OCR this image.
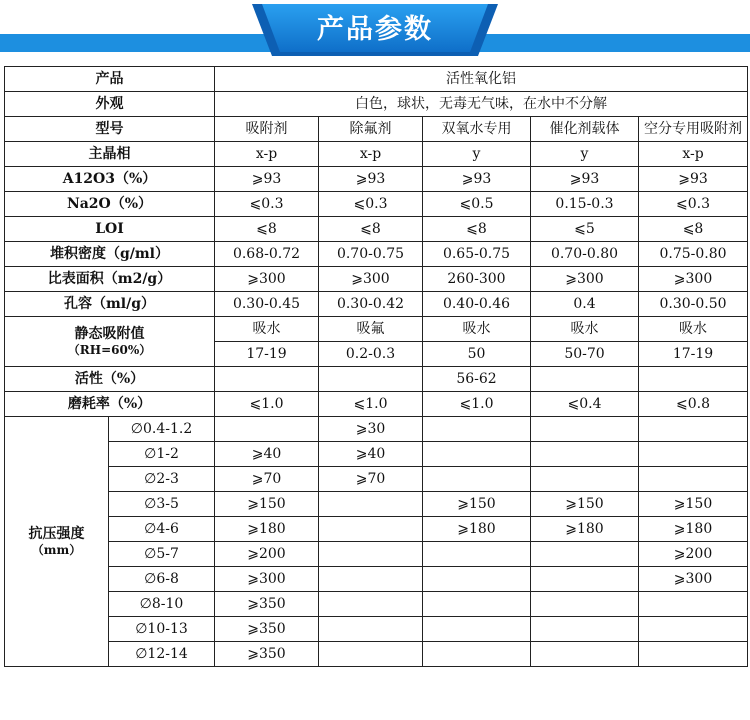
产品参数
产品		活性氧化铝				
外观		白色，球状，无毒无气味，在水中不分解				
型号		吸附剂	除氟剂	双氧水专用	催化剂载体	空分专用吸附剂
主晶相		x-p	x-p	y	y	x-p
A12O3（%）		⩾93	⩾93	⩾93	⩾93	⩾93
Na2O（%）		⩽0.3	⩽0.3	⩽0.5	0.15-0.3	⩽0.3
LOI		⩽8	⩽8	⩽8	⩽5	⩽8
堆积密度（g/ml）		0.68-0.72	0.70-0.75	0.65-0.75	0.70-0.80	0.75-0.80
比表面积（m2/g）		⩾300	⩾300	260-300	⩾300	⩾300
孔容（ml/g）		0.30-0.45	0.30-0.42	0.40-0.46	0.4	0.30-0.50

静态吸附值
（RH=60%）		吸水	吸氟	吸水	吸水	吸水
		17-19	0.2-0.3	50	50-70	17-19
活性（%）				56-62		
磨耗率（%）		⩽1.0	⩽1.0	⩽1.0	⩽0.4	⩽0.8

抗压强度
（mm）	∅0.4-1.2		⩾30			
	∅1-2	⩾40	⩾40			
	∅2-3	⩾70	⩾70			
	∅3-5	⩾150		⩾150	⩾150	⩾150
	∅4-6	⩾180		⩾180	⩾180	⩾180
	∅5-7	⩾200				⩾200
	∅6-8	⩾300				⩾300
	∅8-10	⩾350				
	∅10-13	⩾350				
	∅12-14	⩾350				
